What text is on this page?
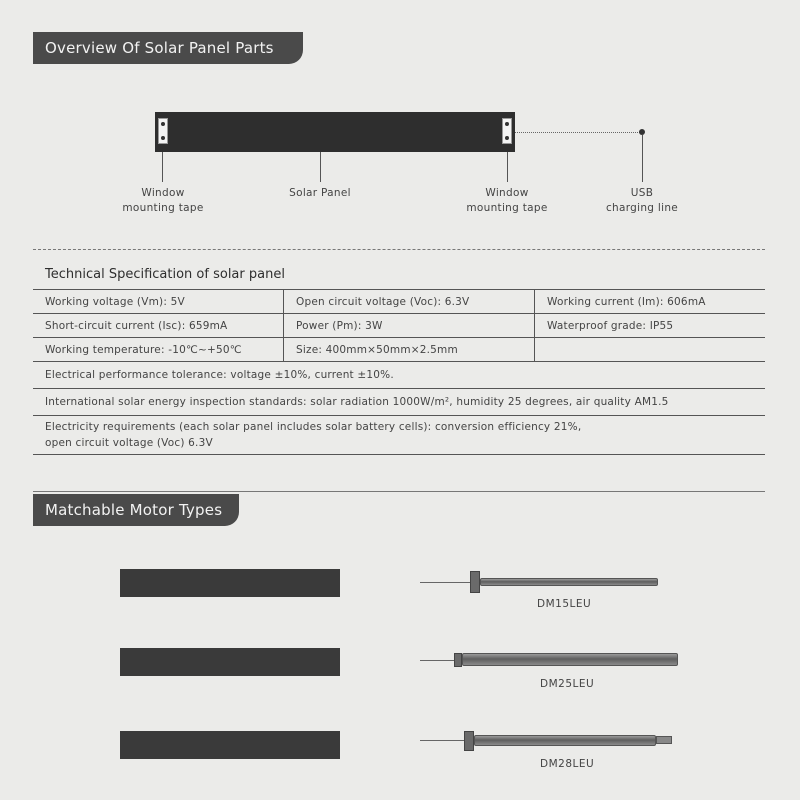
Overview Of Solar Panel Parts
Window
mounting tape
Solar Panel	Window
mounting tape
USB
charging line
Technical Specification of solar panel
Working voltage (Vm): 5V	Open circuit voltage (Voc): 6.3V	Working current (Im): 606mA
Short-circuit current (Isc): 659mA	Power (Pm): 3W	Waterproof grade: IP55
Working temperature: -10℃~+50℃	Size: 400mm×50mm×2.5mm	
Electrical performance tolerance: voltage ±10%, current ±10%.		
International solar energy inspection standards: solar radiation 1000W/m², humidity 25 degrees, air quality AM1.5		

Electricity requirements (each solar panel includes solar battery cells): conversion efficiency 21%,
open circuit voltage (Voc) 6.3V		
Matchable Motor Types
DM15LEU
DM25LEU
DM28LEU
